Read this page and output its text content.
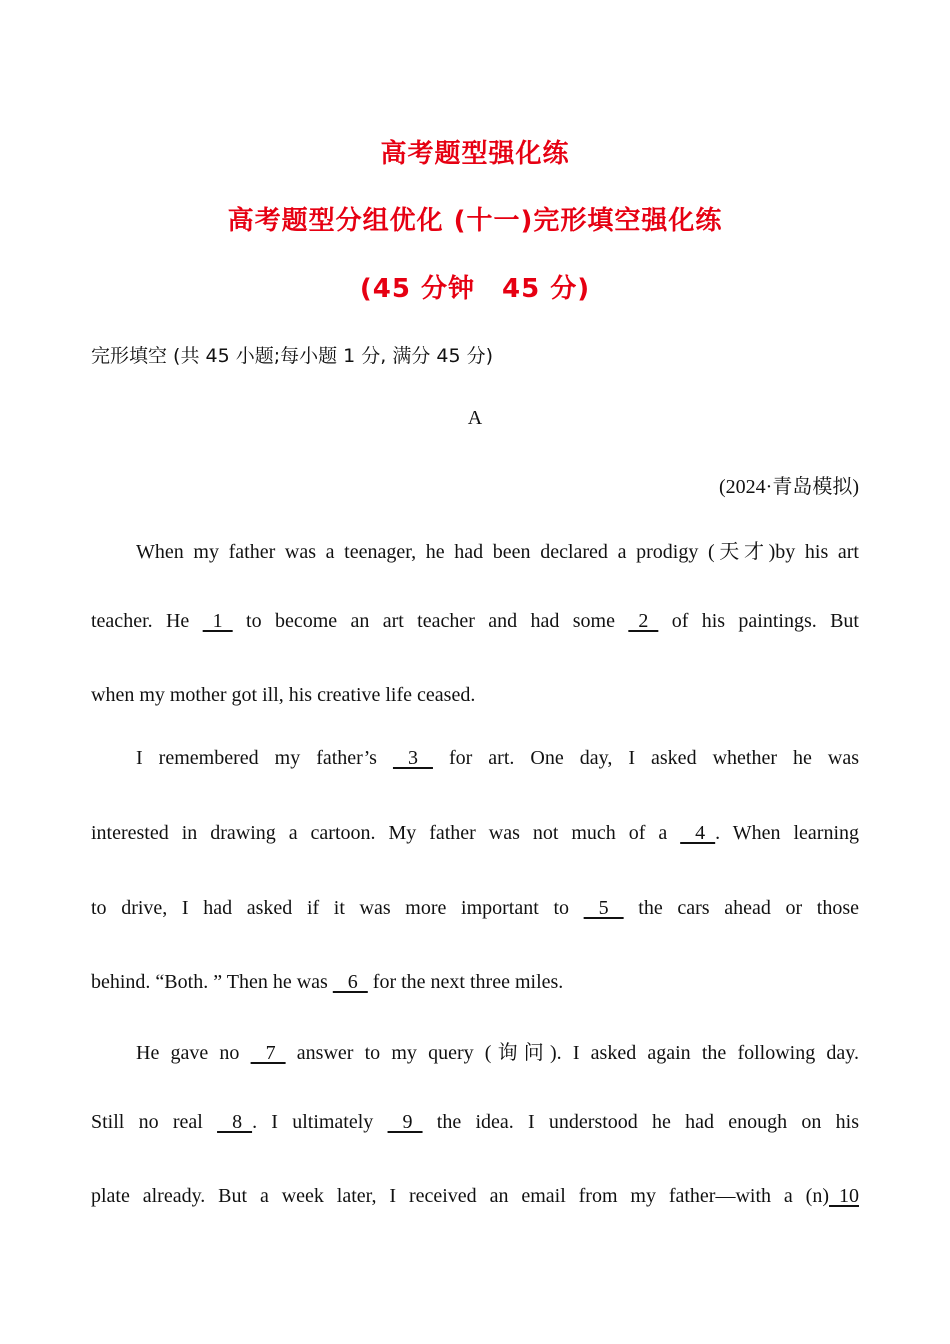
高考题型强化练
高考题型分组优化 (十一)完形填空强化练
(45 分钟　45 分)
完形填空 (共 45 小题;每小题 1 分, 满分 45 分)
A
(2024·青岛模拟)
When my father was a teenager, he had been declared a prodigy (天才)by his art
teacher. He   1   to become an art teacher and had some   2   of his paintings. But
when my mother got ill, his creative life ceased.
I remembered my father’s    3    for art. One day, I asked whether he was
interested in drawing a cartoon. My father was not much of a    4  . When learning
to drive, I had asked if it was more important to    5    the cars ahead or those
behind. “Both. ” Then he was    6   for the next three miles.
He gave no    7   answer to my query (询问). I asked again the following day.
Still no real    8  . I ultimately    9   the idea. I understood he had enough on his
plate already. But a week later, I received an email from my father—with a (n)  10
